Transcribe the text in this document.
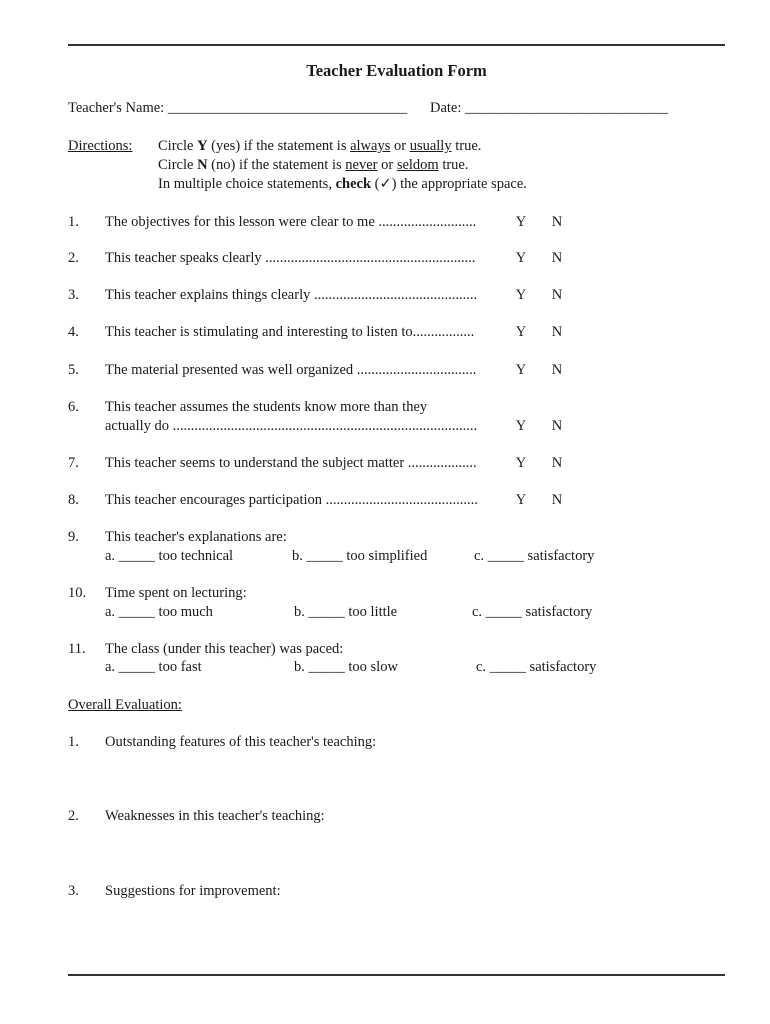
Teacher Evaluation Form
Teacher's Name: _________________________________ Date: ____________________________
Directions: Circle Y (yes) if the statement is always or usually true.
Circle N (no) if the statement is never or seldom true.
In multiple choice statements, check (✓) the appropriate space.
1. The objectives for this lesson were clear to me ...........................	Y N
2. This teacher speaks clearly ..........................................................	Y N
3. This teacher explains things clearly .............................................	Y N
4. This teacher is stimulating and interesting to listen to.................	Y N
5. The material presented was well organized .................................	Y N
6. This teacher assumes the students know more than they
actually do ....................................................................................	Y N
7. This teacher seems to understand the subject matter ...................	Y N
8. This teacher encourages participation ..........................................	Y N
9. This teacher's explanations are:
a. _____ too technical	b. _____ too simplified	c. _____ satisfactory
10. Time spent on lecturing:
a. _____ too much	b. _____ too little	c. _____ satisfactory
11. The class (under this teacher) was paced:
a. _____ too fast	b. _____ too slow	c. _____ satisfactory
Overall Evaluation:
1. Outstanding features of this teacher's teaching:
2. Weaknesses in this teacher's teaching:
3. Suggestions for improvement:
